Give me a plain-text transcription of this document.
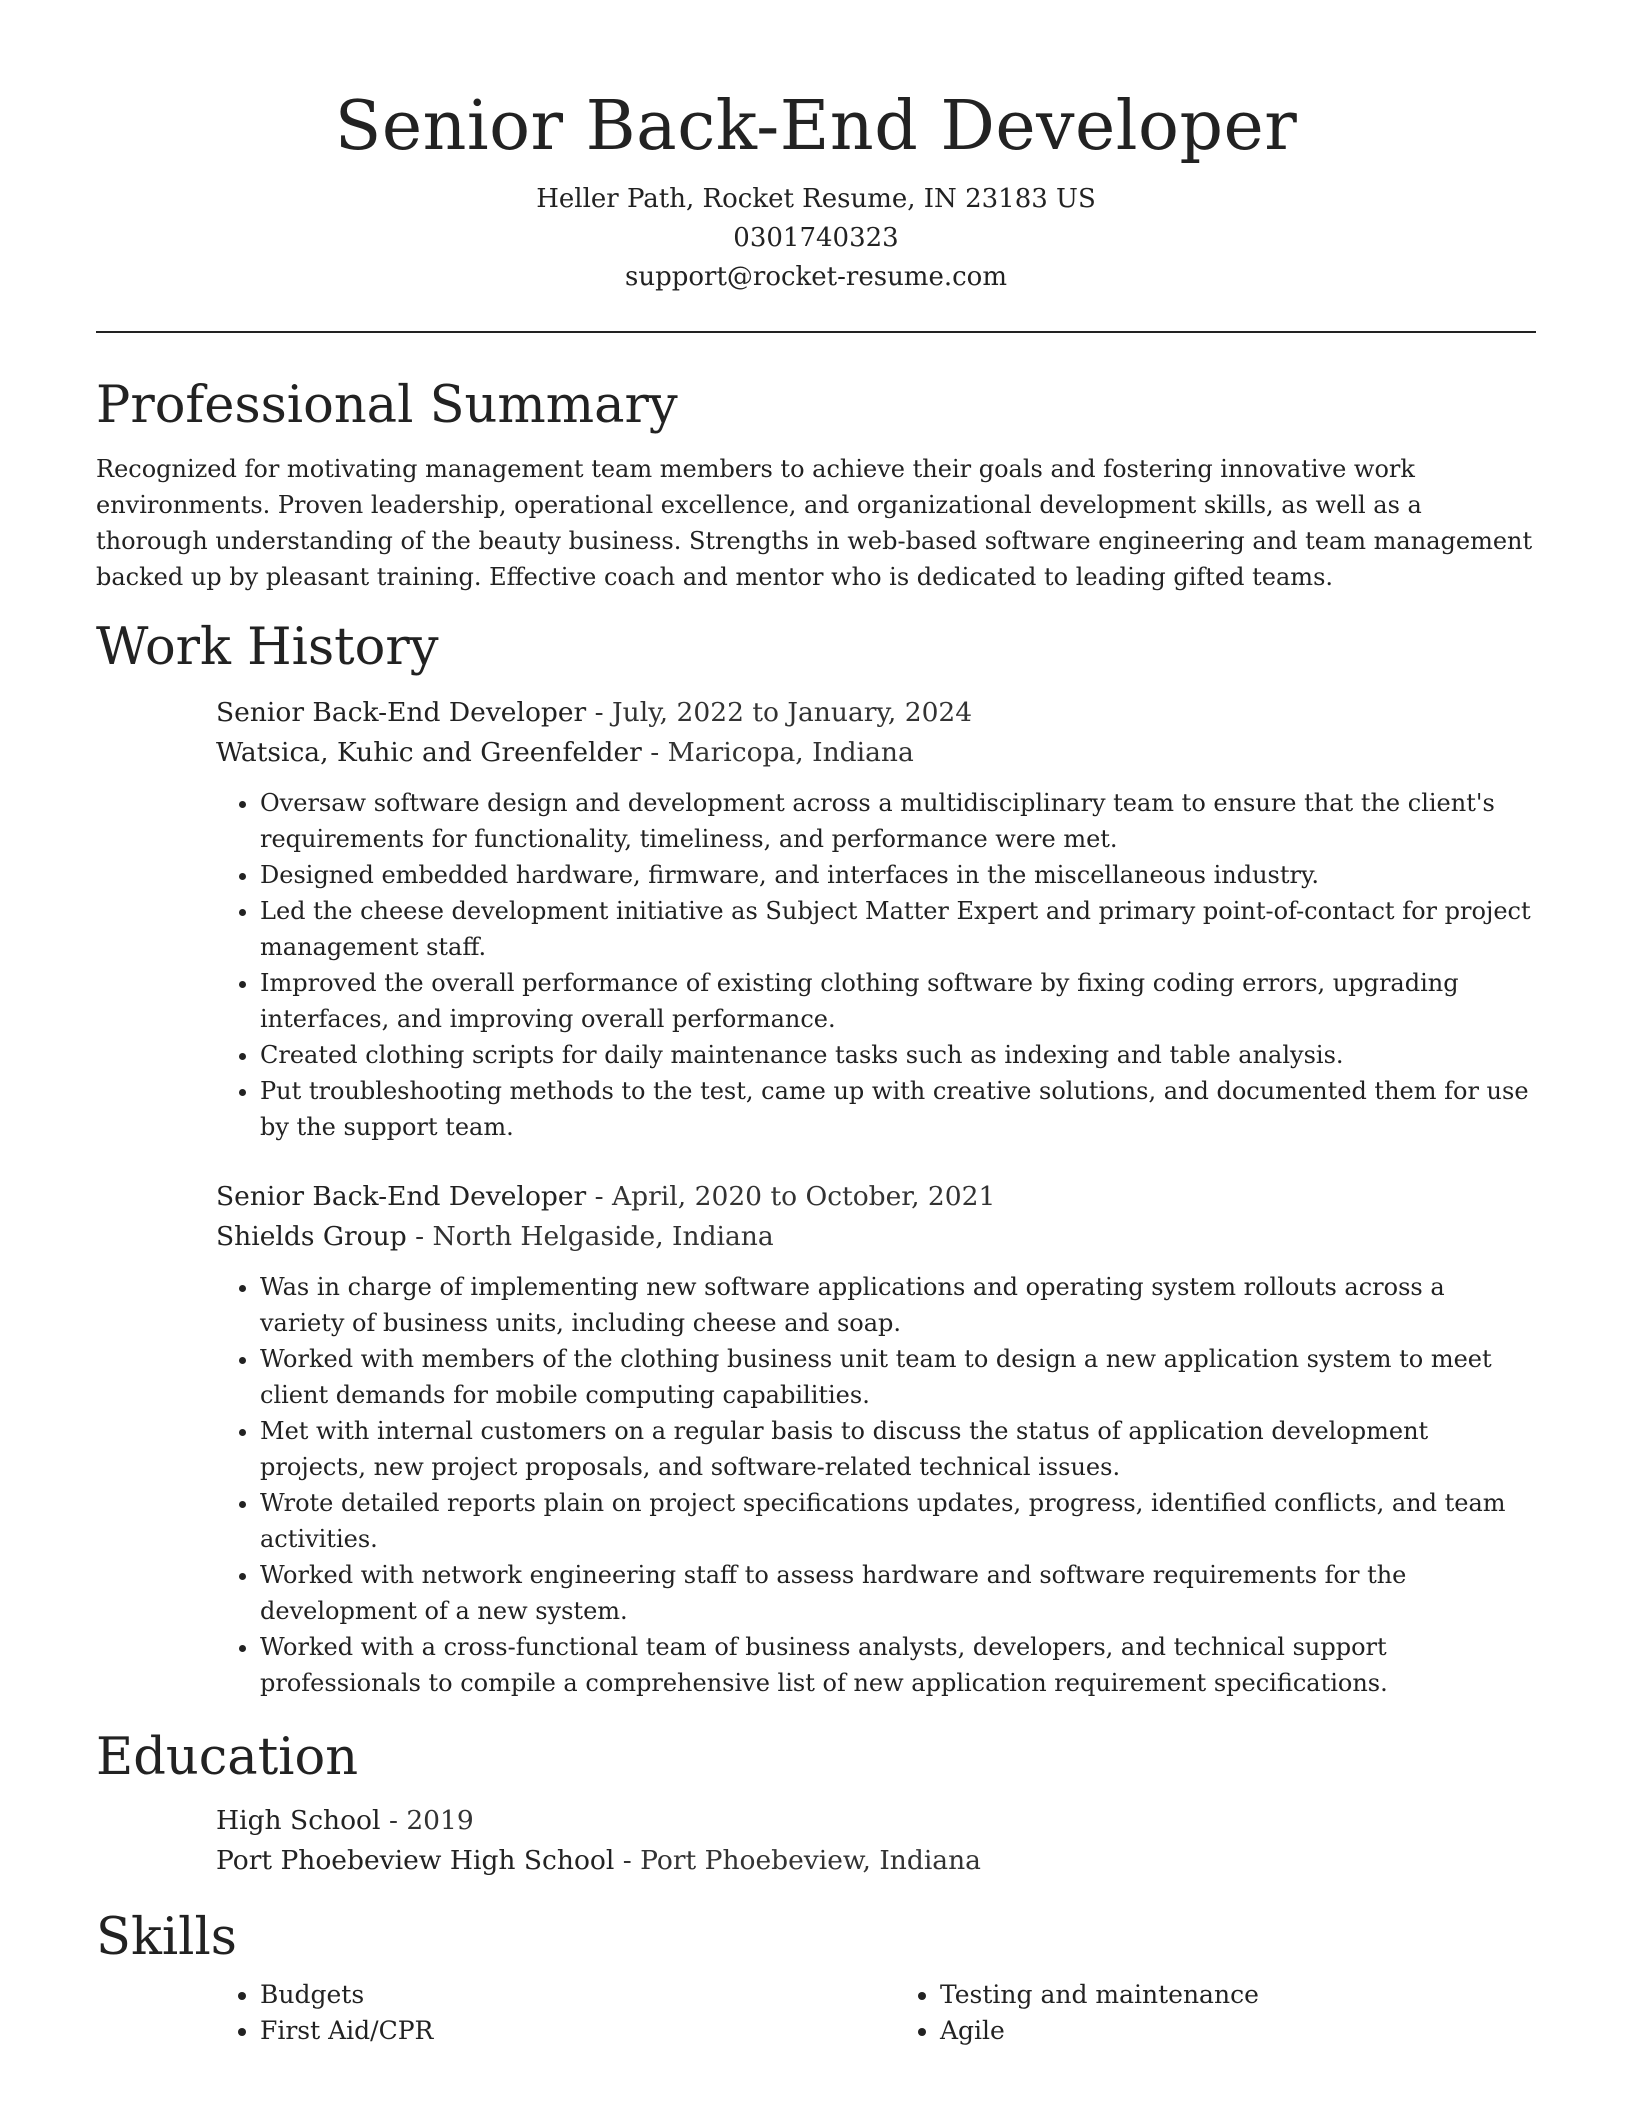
Senior Back-End Developer
Heller Path, Rocket Resume, IN 23183 US
0301740323
support@rocket-resume.com
Professional Summary

Recognized for motivating management team members to achieve their goals and fostering innovative work environments. Proven leadership, operational excellence, and organizational development skills, as well as a thorough understanding of the beauty business. Strengths in web-based software engineering and team management backed up by pleasant training. Effective coach and mentor who is dedicated to leading gifted teams.

Work History
Senior Back-End Developer - July, 2022 to January, 2024
Watsica, Kuhic and Greenfelder - Maricopa, Indiana
• Oversaw software design and development across a multidisciplinary team to ensure that the client's requirements for functionality, timeliness, and performance were met.
• Designed embedded hardware, firmware, and interfaces in the miscellaneous industry.
• Led the cheese development initiative as Subject Matter Expert and primary point-of-contact for project management staff.
• Improved the overall performance of existing clothing software by fixing coding errors, upgrading interfaces, and improving overall performance.
• Created clothing scripts for daily maintenance tasks such as indexing and table analysis.
• Put troubleshooting methods to the test, came up with creative solutions, and documented them for use by the support team.
Senior Back-End Developer - April, 2020 to October, 2021
Shields Group - North Helgaside, Indiana
• Was in charge of implementing new software applications and operating system rollouts across a variety of business units, including cheese and soap.
• Worked with members of the clothing business unit team to design a new application system to meet client demands for mobile computing capabilities.
• Met with internal customers on a regular basis to discuss the status of application development projects, new project proposals, and software-related technical issues.
• Wrote detailed reports plain on project specifications updates, progress, identified conflicts, and team activities.
• Worked with network engineering staff to assess hardware and software requirements for the development of a new system.
• Worked with a cross-functional team of business analysts, developers, and technical support professionals to compile a comprehensive list of new application requirement specifications.
Education
High School - 2019
Port Phoebeview High School - Port Phoebeview, Indiana
Skills
• Budgets
• First Aid/CPR
• Testing and maintenance
• Agile
